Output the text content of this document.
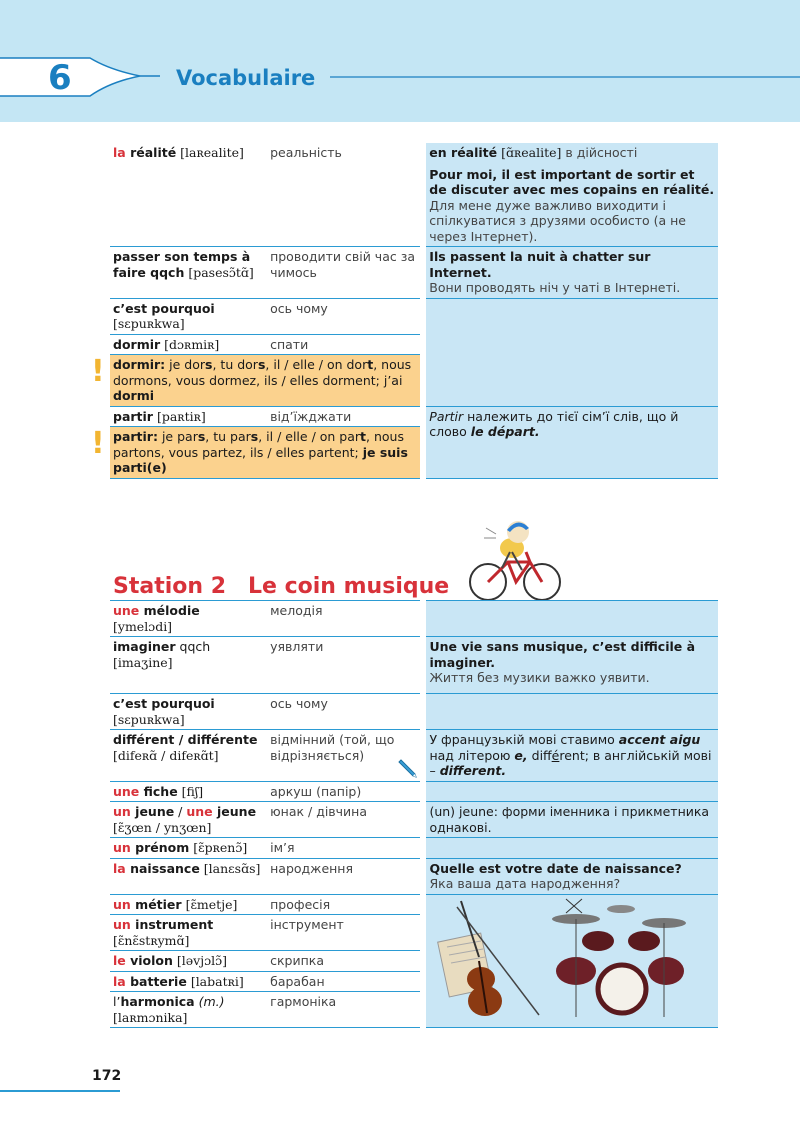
6	Vocabulaire
la réalité [laʀealite]	реальність	en réalité [ɑ̃ʀealite] в дійсності
Pour moi, il est important de sortir et de discuter avec mes copains en réalité.
Для мене дуже важливо виходити і спілкуватися з друзями особисто (а не через Інтернет).
passer son temps à faire qqch [pasesɔ̃tɑ̃]	проводити свій час за чимось	Ils passent la nuit à chatter sur Internet.
Вони проводять ніч у чаті в Інтернеті.
c’est pourquoi
[sɛpuʀkwa]	ось чому	
dormir [dɔʀmiʀ]	спати	

! dormir: je dors, tu dors, il / elle / on dort, nous dormons, vous dormez, ils / elles dorment; j’ai dormi		

partir [paʀtiʀ]	від’їжджати	Partir належить до тієї сім’ї слів, що й слово le départ.

! partir: je pars, tu pars, il / elle / on part, nous partons, vous partez, ils / elles partent; je suis parti(e)		
Station 2 Le coin musique
une mélodie
[ymelɔdi]	мелодія	
imaginer qqch
[imaʒine]	уявляти	Une vie sans musique, c’est difficile à imaginer.
Життя без музики важко уявити.
c’est pourquoi
[sɛpuʀkwa]	ось чому	
différent / différente
[difeʀɑ̃ / difeʀɑ̃t]	відмінний (той, що відрізняється)	У французькій мові ставимо accent aigu над літерою e, différent; в англійській мові – different.
une fiche [fiʃ]	аркуш (папір)	
un jeune / une jeune
[ɛ̃ʒœn / ynʒœn]	юнак / дівчина	(un) jeune: форми іменника і прикметника однакові.
un prénom [ɛ̃pʀenɔ̃]	ім’я	
la naissance [lanɛsɑ̃s]	народження	Quelle est votre date de naissance?
Яка ваша дата народження?
un métier [ɛ̃metje]	професія	

un instrument
[ɛ̃nɛ̃stʀymɑ̃]	інструмент	
le violon [ləvjɔlɔ̃]	скрипка	
la batterie [labatʀi]	барабан	
l’harmonica (m.)
[laʀmɔnika]	гармоніка	
172
